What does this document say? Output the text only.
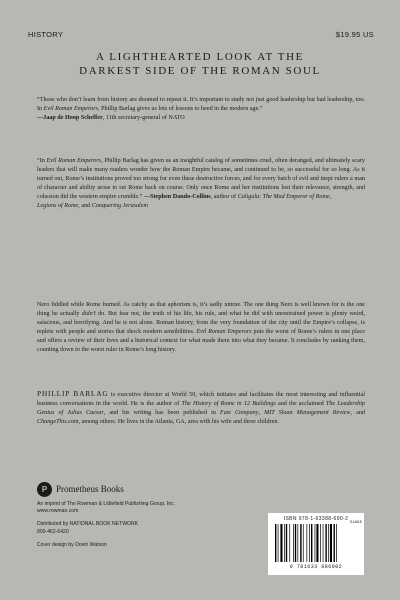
HISTORY	$19.95 US
A LIGHTHEARTED LOOK AT THE
DARKEST SIDE OF THE ROMAN SOUL

“Those who don’t learn from history are doomed to repeat it. It’s important to study not just good leadership but bad leadership, too. In Evil Roman Emperors, Phillip Barlag gives us lots of lessons to heed in the modern age.”

—Jaap de Hoop Scheffer, 11th secretary-general of NATO

“In Evil Roman Emperors, Phillip Barlag has given us an insightful catalog of sometimes cruel, often deranged, and ultimately scary leaders that will make many readers wonder how the Roman Empire became, and continued to be, so successful for so long. As it turned out, Rome’s institutions proved too strong for even these destructive forces, and for every batch of evil and inept rulers a man of character and ability arose to set Rome back on course. Only once Rome and her institutions lost their relevance, strength, and cohesion did the western empire crumble.” —Stephen Dando-Collins, author of Caligula: The Mad Emperor of Rome,

Legions of Rome, and Conquering Jerusalem

Nero fiddled while Rome burned. As catchy as that aphorism is, it’s sadly untrue. The one thing Nero is well known for is the one thing he actually didn’t do. But fear not, the truth of his life, his rule, and what he did with unrestrained power is plenty weird, salacious, and horrifying. And he is not alone. Roman history, from the very foundation of the city until the Empire’s collapse, is replete with people and stories that shock modern sensibilities. Evil Roman Emperors puts the worst of Rome’s rulers in one place and offers a review of their lives and a historical context for what made them into what they became. It concludes by ranking them, counting down to the worst ruler in Rome’s long history.

PHILLIP BARLAG is executive director at World 50, which initiates and facilitates the most interesting and influential business conversations in the world. He is the author of The History of Rome in 12 Buildings and the acclaimed The Leadership Genius of Julius Caesar, and his writing has been published in Fast Company, MIT Sloan Management Review, and ChangeThis.com, among others. He lives in the Atlanta, GA, area with his wife and three children.

P Prometheus Books
An imprint of The Rowman & Littlefield Publishing Group, Inc.
www.rowman.com
Distributed by NATIONAL BOOK NETWORK
800-462-6420
Cover design by Dovin Watson
ISBN 978-1-63388-690-2
51995
9 781633 886902
